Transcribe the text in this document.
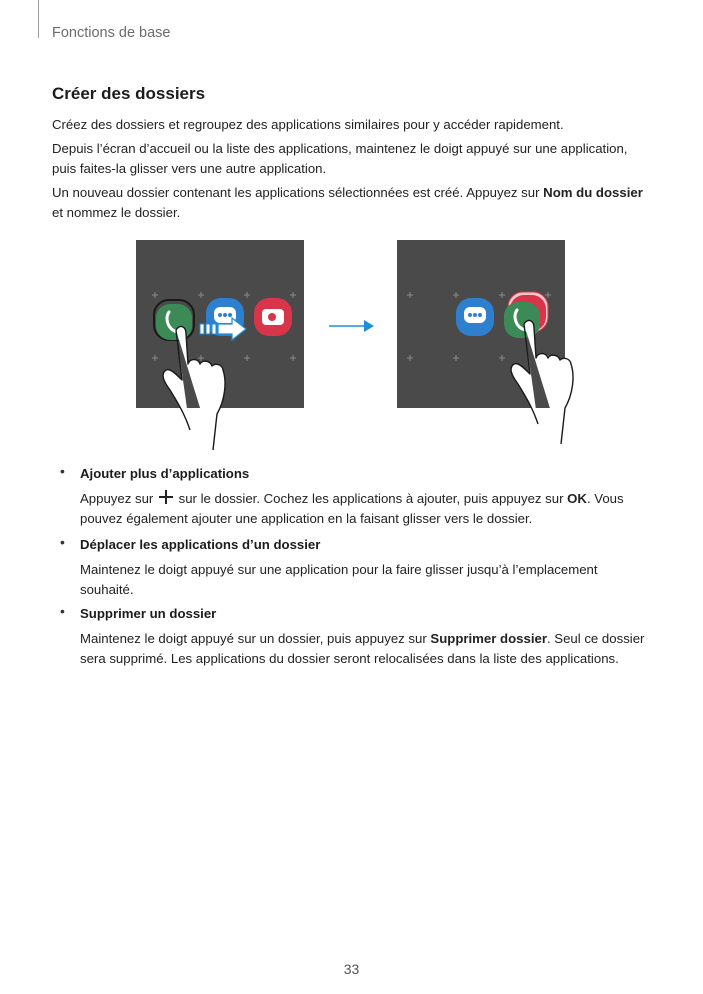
Fonctions de base
Créer des dossiers
Créez des dossiers et regroupez des applications similaires pour y accéder rapidement.
Depuis l’écran d’accueil ou la liste des applications, maintenez le doigt appuyé sur une application, puis faites-la glisser vers une autre application.
Un nouveau dossier contenant les applications sélectionnées est créé. Appuyez sur Nom du dossier et nommez le dossier.
• Ajouter plus d’applications
Appuyez sur  sur le dossier. Cochez les applications à ajouter, puis appuyez sur OK. Vous pouvez également ajouter une application en la faisant glisser vers le dossier.
• Déplacer les applications d’un dossier
Maintenez le doigt appuyé sur une application pour la faire glisser jusqu’à l’emplacement souhaité.
• Supprimer un dossier
Maintenez le doigt appuyé sur un dossier, puis appuyez sur Supprimer dossier. Seul ce dossier sera supprimé. Les applications du dossier seront relocalisées dans la liste des applications.
33
